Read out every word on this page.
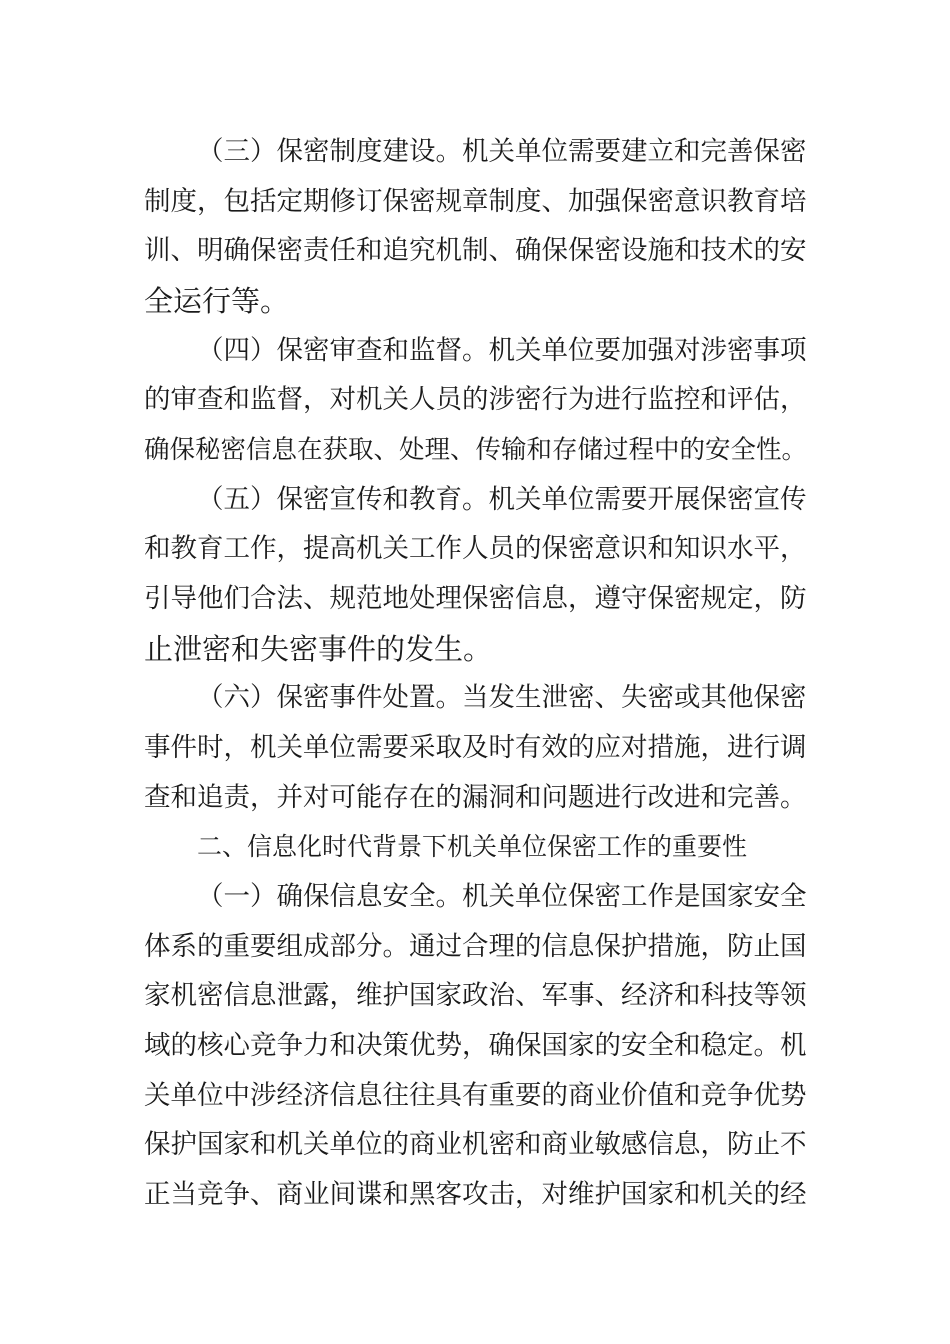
（三）保密制度建设。机关单位需要建立和完善保密
制度，包括定期修订保密规章制度、加强保密意识教育培
训、明确保密责任和追究机制、确保保密设施和技术的安
全运行等。
（四）保密审查和监督。机关单位要加强对涉密事项
的审查和监督，对机关人员的涉密行为进行监控和评估，
确保秘密信息在获取、处理、传输和存储过程中的安全性。
（五）保密宣传和教育。机关单位需要开展保密宣传
和教育工作，提高机关工作人员的保密意识和知识水平，
引导他们合法、规范地处理保密信息，遵守保密规定，防
止泄密和失密事件的发生。
（六）保密事件处置。当发生泄密、失密或其他保密
事件时，机关单位需要采取及时有效的应对措施，进行调
查和追责，并对可能存在的漏洞和问题进行改进和完善。
二、信息化时代背景下机关单位保密工作的重要性
（一）确保信息安全。机关单位保密工作是国家安全
体系的重要组成部分。通过合理的信息保护措施，防止国
家机密信息泄露，维护国家政治、军事、经济和科技等领
域的核心竞争力和决策优势，确保国家的安全和稳定。机
关单位中涉经济信息往往具有重要的商业价值和竞争优势
保护国家和机关单位的商业机密和商业敏感信息，防止不
正当竞争、商业间谍和黑客攻击，对维护国家和机关的经
